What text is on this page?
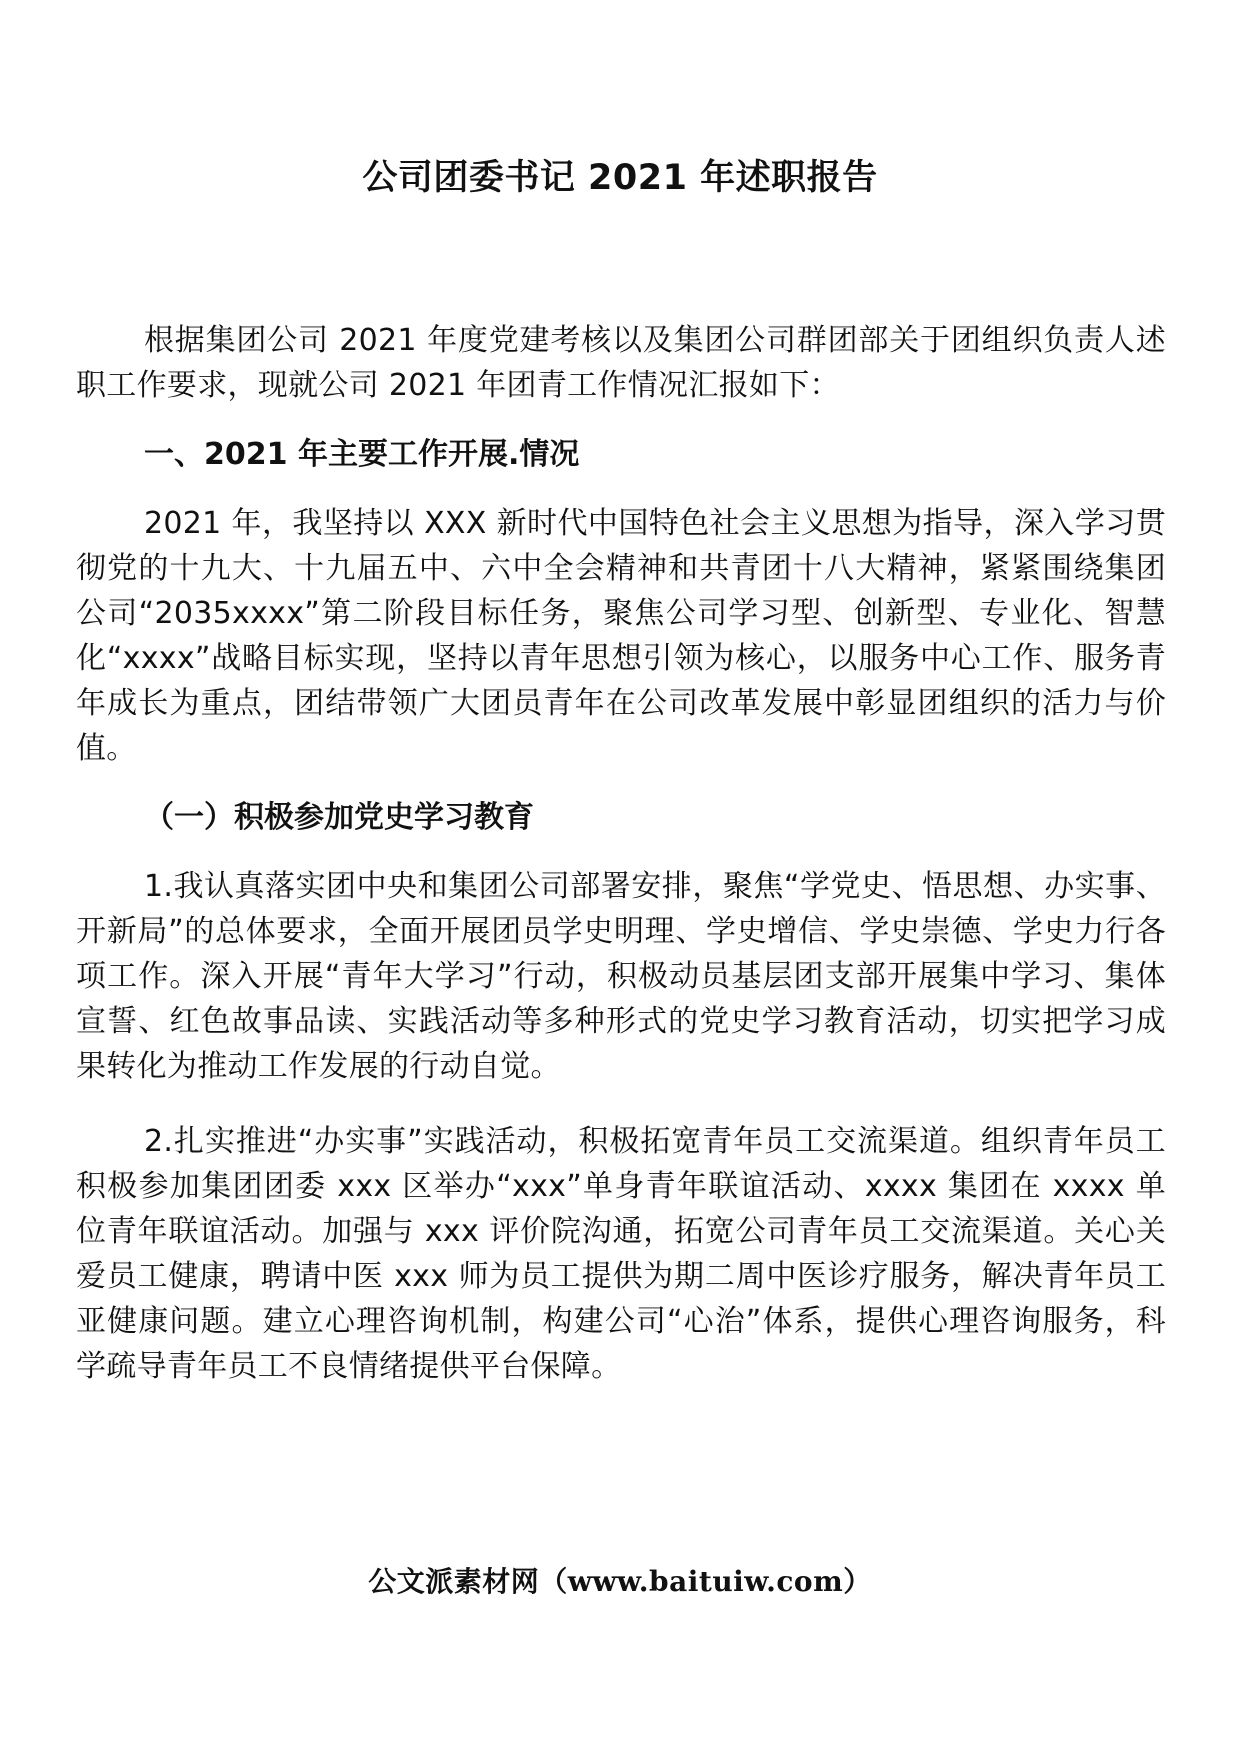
公司团委书记 2021 年述职报告

根据集团公司 2021 年度党建考核以及集团公司群团部关于团组织负责人述职工作要求，现就公司 2021 年团青工作情况汇报如下：

一、2021 年主要工作开展.情况

2021 年，我坚持以 XXX 新时代中国特色社会主义思想为指导，深入学习贯彻党的十九大、十九届五中、六中全会精神和共青团十八大精神，紧紧围绕集团公司“2035xxxx”第二阶段目标任务，聚焦公司学习型、创新型、专业化、智慧化“xxxx”战略目标实现，坚持以青年思想引领为核心，以服务中心工作、服务青年成长为重点，团结带领广大团员青年在公司改革发展中彰显团组织的活力与价值。

（一）积极参加党史学习教育

1.我认真落实团中央和集团公司部署安排，聚焦“学党史、悟思想、办实事、开新局”的总体要求，全面开展团员学史明理、学史增信、学史崇德、学史力行各项工作。深入开展“青年大学习”行动，积极动员基层团支部开展集中学习、集体宣誓、红色故事品读、实践活动等多种形式的党史学习教育活动，切实把学习成果转化为推动工作发展的行动自觉。

2.扎实推进“办实事”实践活动，积极拓宽青年员工交流渠道。组织青年员工积极参加集团团委 xxx 区举办“xxx”单身青年联谊活动、xxxx 集团在 xxxx 单位青年联谊活动。加强与 xxx 评价院沟通，拓宽公司青年员工交流渠道。关心关爱员工健康，聘请中医 xxx 师为员工提供为期二周中医诊疗服务，解决青年员工亚健康问题。建立心理咨询机制，构建公司“心治”体系，提供心理咨询服务，科学疏导青年员工不良情绪提供平台保障。

公文派素材网（www.baituiw.com）
